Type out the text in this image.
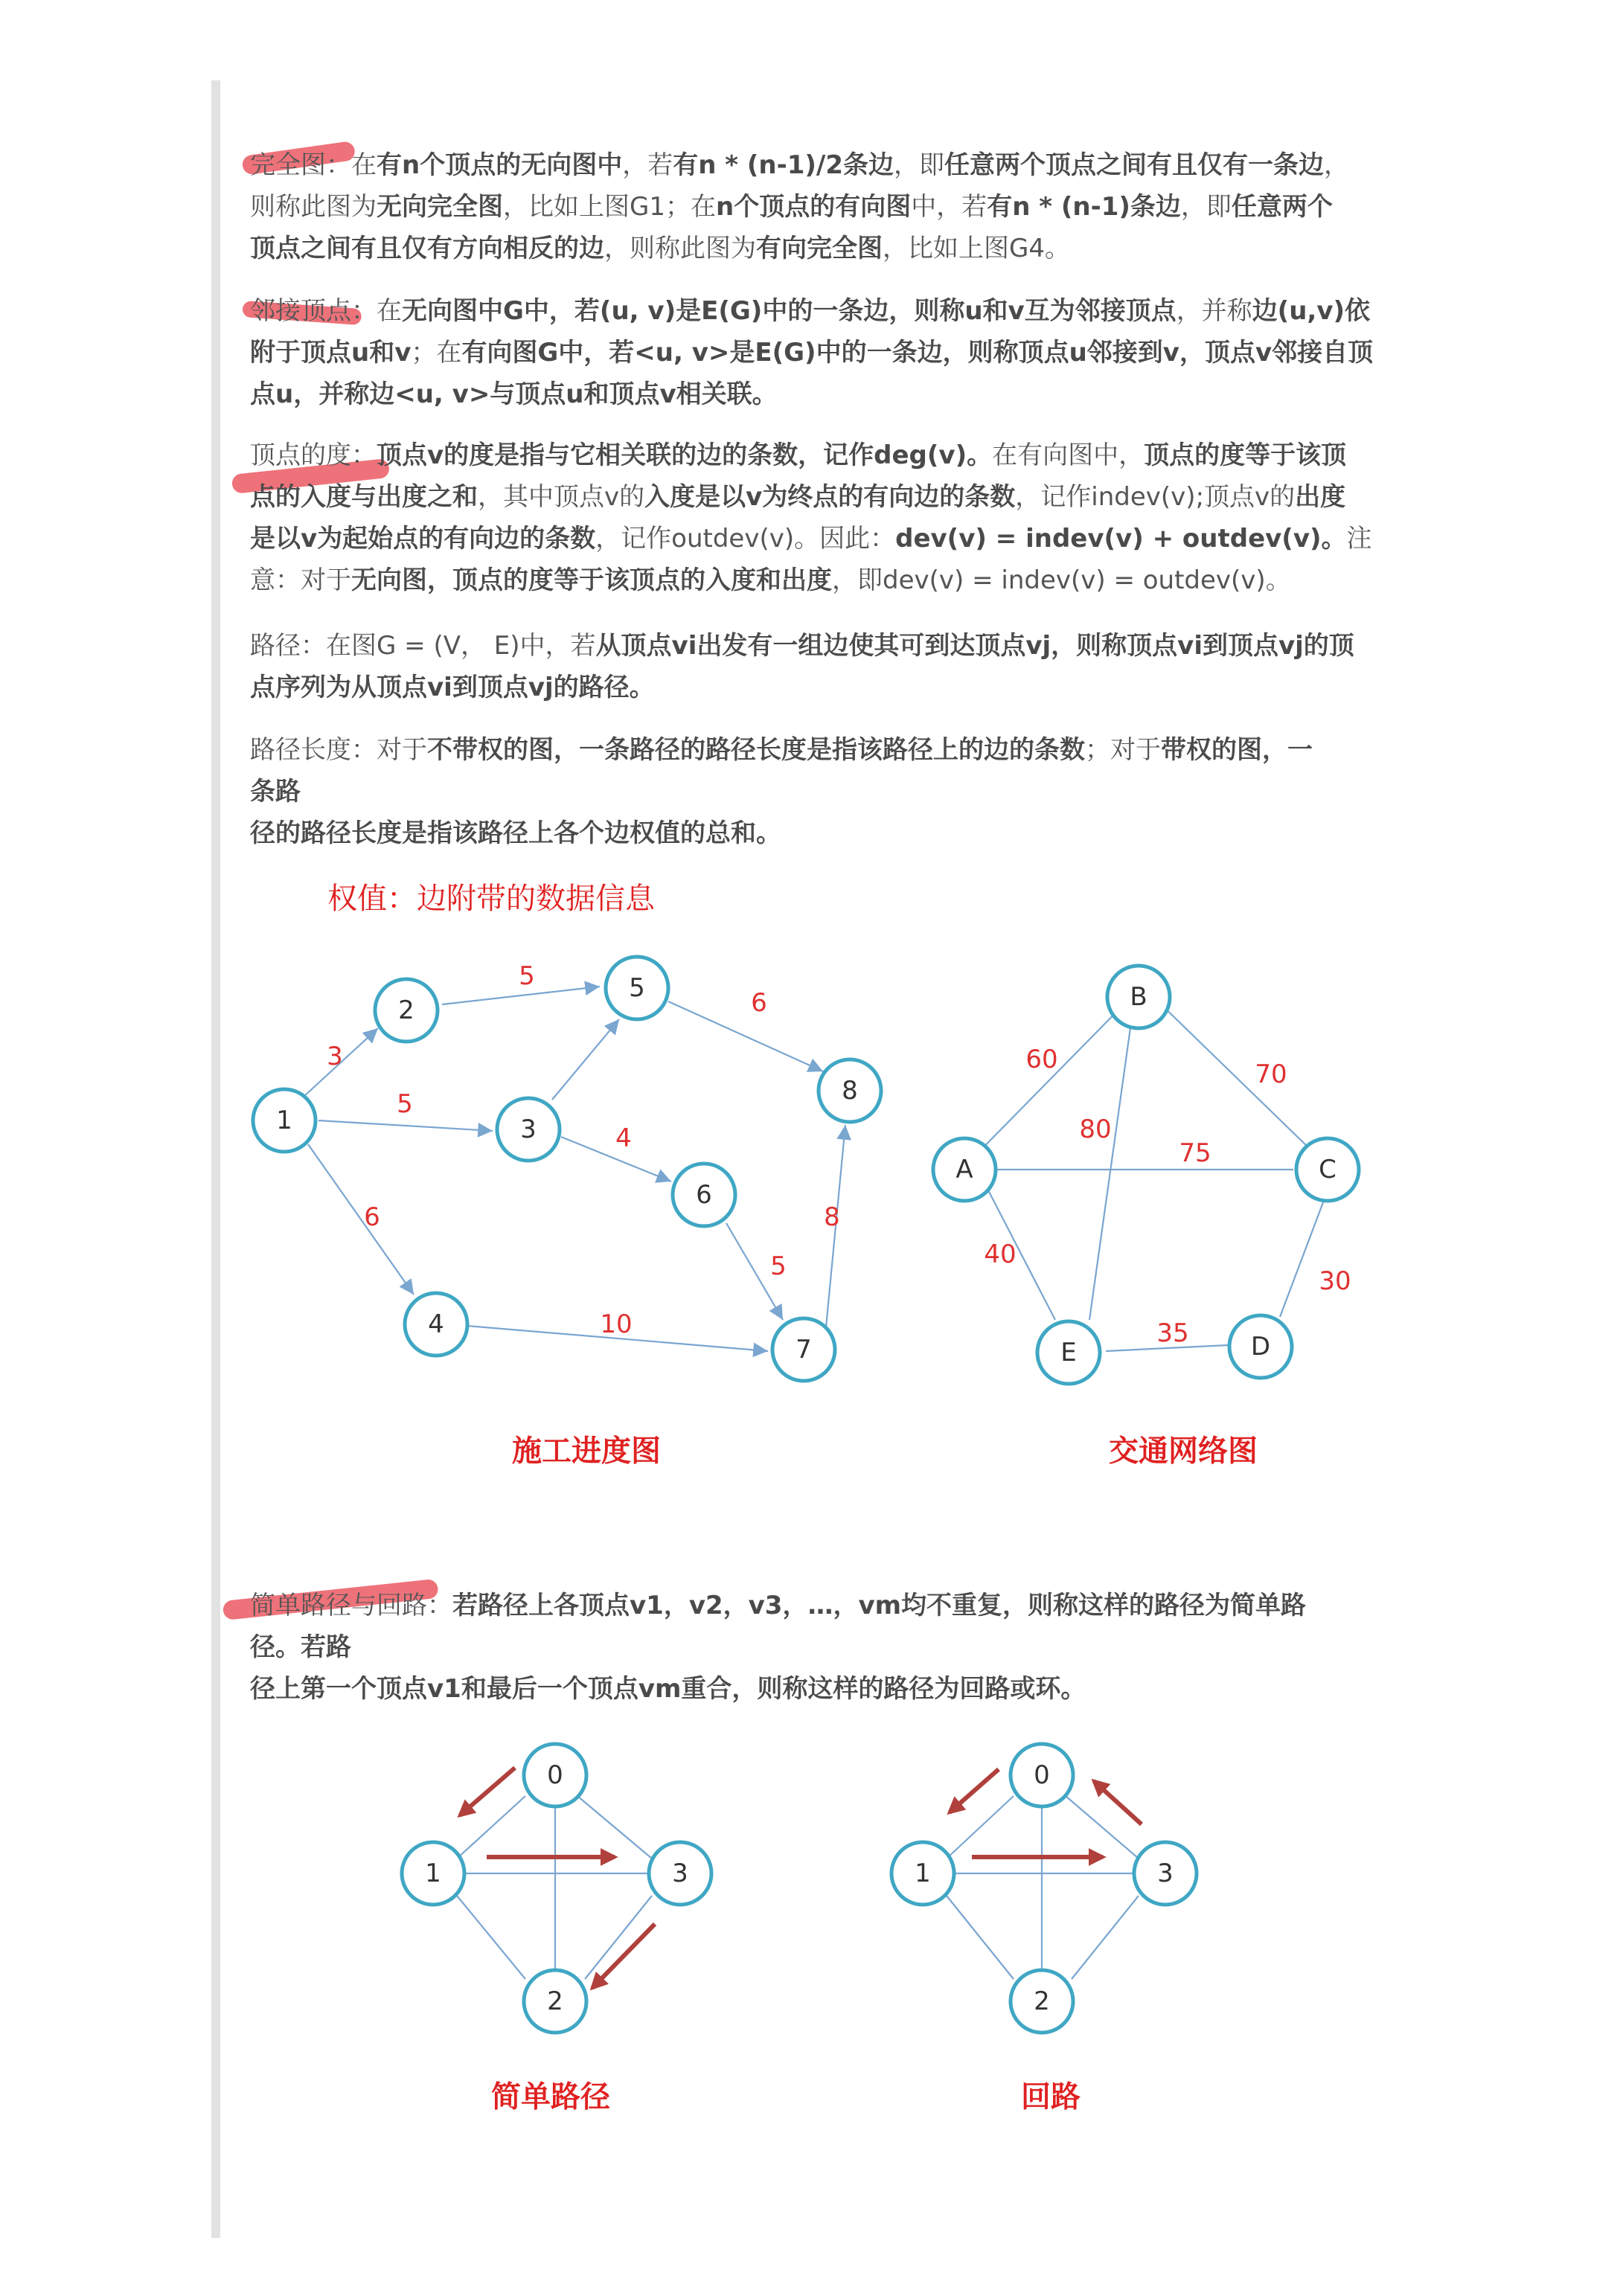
完全图：在有n个顶点的无向图中，若有n * (n-1)/2条边，即任意两个顶点之间有且仅有一条边，
则称此图为无向完全图，比如上图G1；在n个顶点的有向图中，若有n * (n-1)条边，即任意两个
顶点之间有且仅有方向相反的边，则称此图为有向完全图，比如上图G4。
邻接顶点：在无向图中G中，若(u, v)是E(G)中的一条边，则称u和v互为邻接顶点，并称边(u,v)依
附于顶点u和v；在有向图G中，若<u, v>是E(G)中的一条边，则称顶点u邻接到v，顶点v邻接自顶
点u，并称边<u, v>与顶点u和顶点v相关联。
顶点的度：顶点v的度是指与它相关联的边的条数，记作deg(v)。在有向图中，顶点的度等于该顶
点的入度与出度之和，其中顶点v的入度是以v为终点的有向边的条数，记作indev(v);顶点v的出度
是以v为起始点的有向边的条数，记作outdev(v)。因此：dev(v) = indev(v) + outdev(v)。注
意：对于无向图，顶点的度等于该顶点的入度和出度，即dev(v) = indev(v) = outdev(v)。
路径：在图G = (V， E)中，若从顶点vi出发有一组边使其可到达顶点vj，则称顶点vi到顶点vj的顶
点序列为从顶点vi到顶点vj的路径。
路径长度：对于不带权的图，一条路径的路径长度是指该路径上的边的条数；对于带权的图，一
条路
径的路径长度是指该路径上各个边权值的总和。
简单路径与回路：若路径上各顶点v1，v2，v3，…，vm均不重复，则称这样的路径为简单路
径。若路
径上第一个顶点v1和最后一个顶点vm重合，则称这样的路径为回路或环。
权值：边附带的数据信息
1
2
3
4
5
6
7
8
3
5
5
6
6
4
5
8
10
施工进度图
A
B
C
D
E
60	70
80
75
40
30
35
交通网络图
0
1
2
3
简单路径
0
1
2
3
回路
